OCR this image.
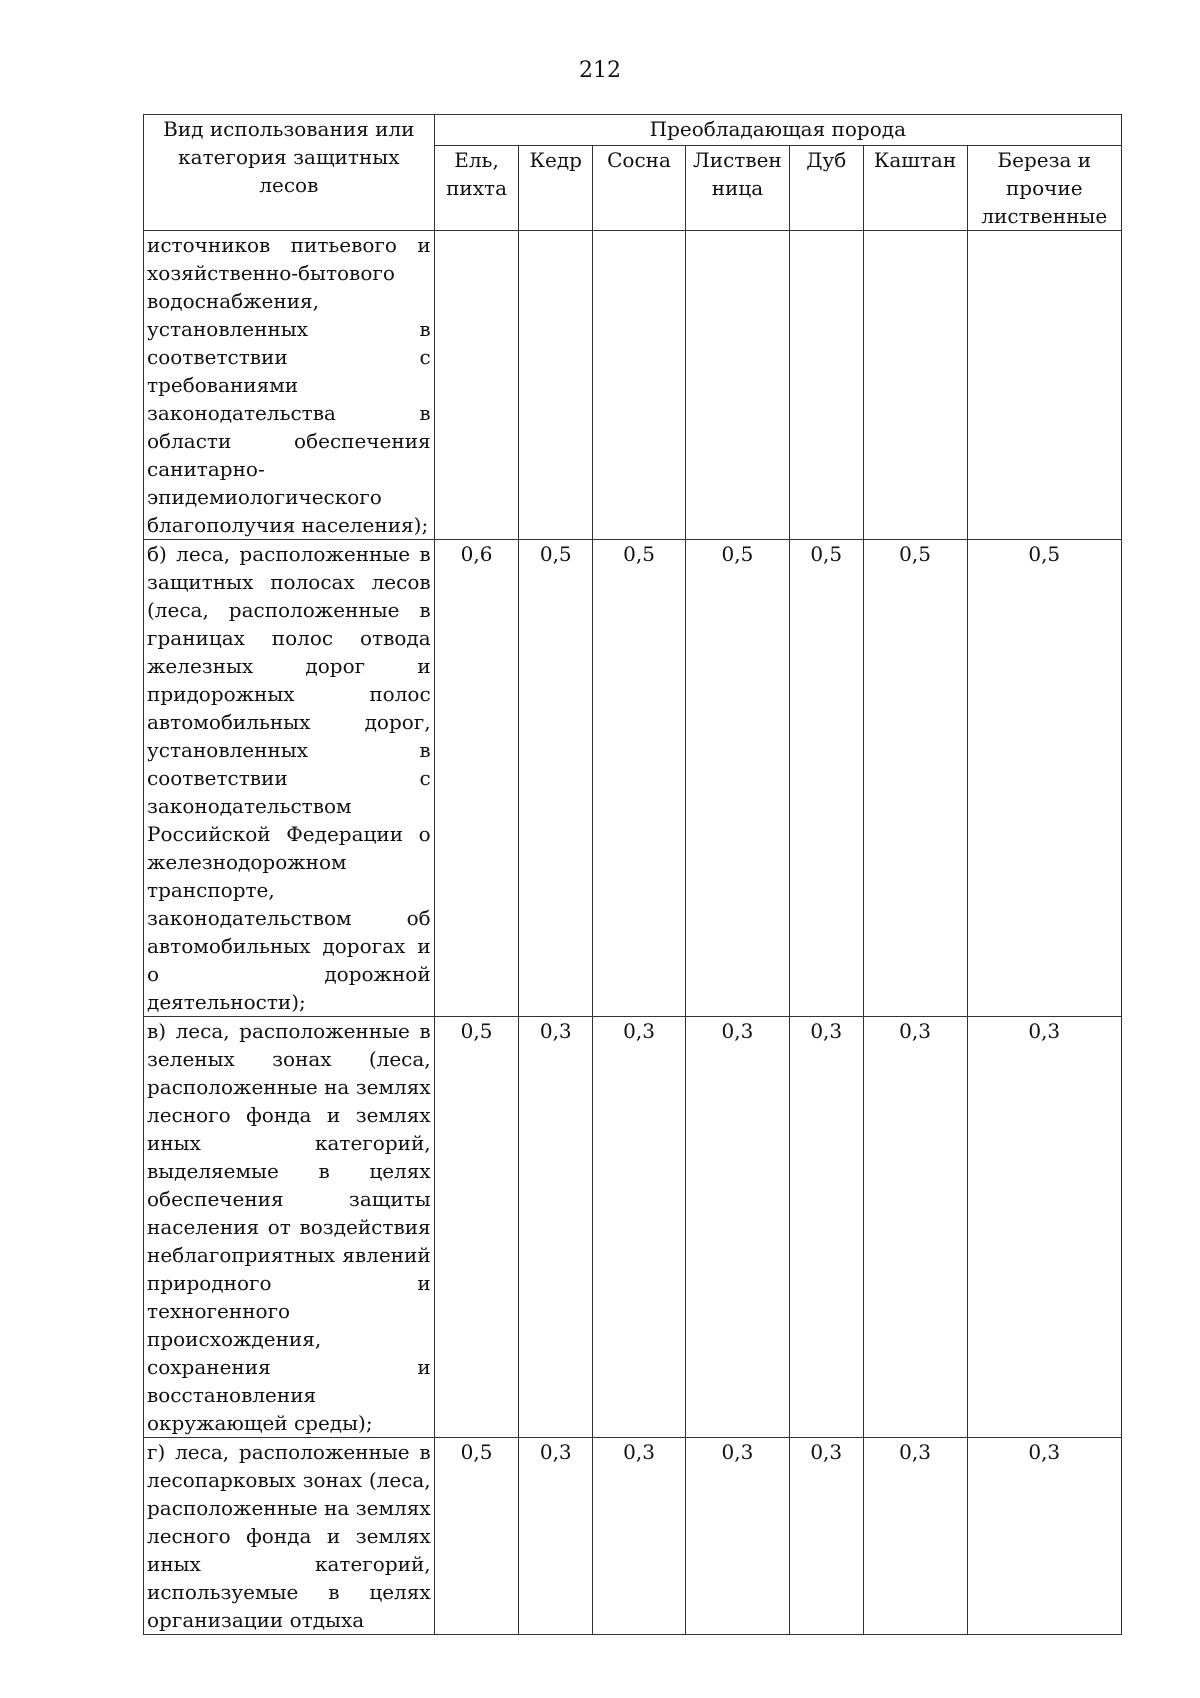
212
Вид использования или категория защитных лесов	Преобладающая порода						
	Ель, пихта	Кедр	Сосна	Листвен ница	Дуб	Каштан	Береза и прочие лиственные
источников питьевого и хозяйственно-бытового водоснабжения, установленных в соответствии с требованиями законодательства в области обеспечения санитарно-эпидемиологического благополучия населения);							
б) леса, расположенные в защитных полосах лесов (леса, расположенные в границах полос отвода железных дорог и придорожных полос автомобильных дорог, установленных в соответствии с законодательством Российской Федерации о железнодорожном транспорте, законодательством об автомобильных дорогах и о дорожной деятельности);	0,6	0,5	0,5	0,5	0,5	0,5	0,5
в) леса, расположенные в зеленых зонах (леса, расположенные на землях лесного фонда и землях иных категорий, выделяемые в целях обеспечения защиты населения от воздействия неблагоприятных явлений природного и техногенного происхождения, сохранения и восстановления окружающей среды);	0,5	0,3	0,3	0,3	0,3	0,3	0,3
г) леса, расположенные в лесопарковых зонах (леса, расположенные на землях лесного фонда и землях иных категорий, используемые в целях организации отдыха	0,5	0,3	0,3	0,3	0,3	0,3	0,3
